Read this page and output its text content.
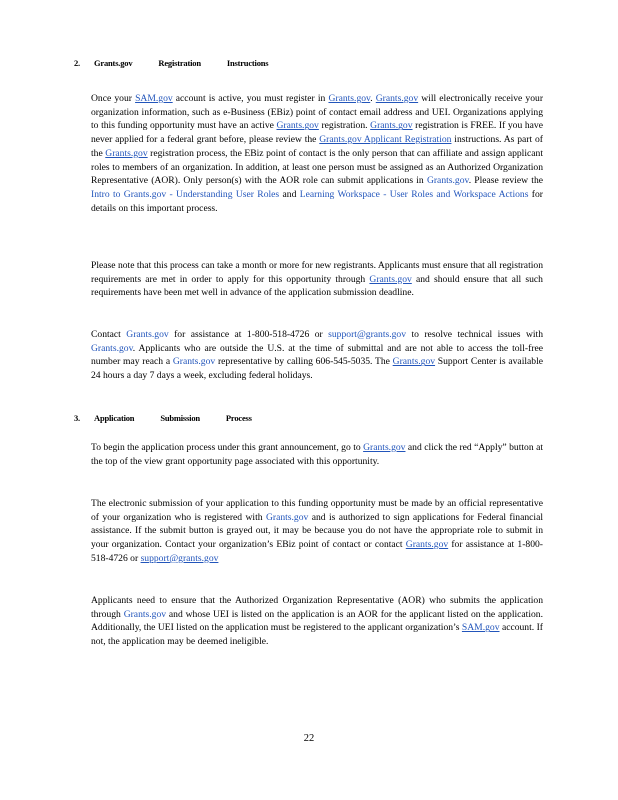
2. Grants.gov	Registration	Instructions

Once your SAM.gov account is active, you must register in Grants.gov. Grants.gov will electronically receive your organization information, such as e-Business (EBiz) point of contact email address and UEI. Organizations applying to this funding opportunity must have an active Grants.gov registration. Grants.gov registration is FREE. If you have never applied for a federal grant before, please review the Grants.gov Applicant Registration instructions. As part of the Grants.gov registration process, the EBiz point of contact is the only person that can affiliate and assign applicant roles to members of an organization. In addition, at least one person must be assigned as an Authorized Organization Representative (AOR). Only person(s) with the AOR role can submit applications in Grants.gov. Please review the Intro to Grants.gov - Understanding User Roles and Learning Workspace - User Roles and Workspace Actions for details on this important process.

Please note that this process can take a month or more for new registrants. Applicants must ensure that all registration requirements are met in order to apply for this opportunity through Grants.gov and should ensure that all such requirements have been met well in advance of the application submission deadline.

Contact Grants.gov for assistance at 1-800-518-4726 or support@grants.gov to resolve technical issues with Grants.gov. Applicants who are outside the U.S. at the time of submittal and are not able to access the toll-free number may reach a Grants.gov representative by calling 606-545-5035. The Grants.gov Support Center is available 24 hours a day 7 days a week, excluding federal holidays.

3. Application	Submission	Process

To begin the application process under this grant announcement, go to Grants.gov and click the red “Apply” button at the top of the view grant opportunity page associated with this opportunity.

The electronic submission of your application to this funding opportunity must be made by an official representative of your organization who is registered with Grants.gov and is authorized to sign applications for Federal financial assistance. If the submit button is grayed out, it may be because you do not have the appropriate role to submit in your organization. Contact your organization’s EBiz point of contact or contact Grants.gov for assistance at 1-800-518-4726 or support@grants.gov

Applicants need to ensure that the Authorized Organization Representative (AOR) who submits the application through Grants.gov and whose UEI is listed on the application is an AOR for the applicant listed on the application. Additionally, the UEI listed on the application must be registered to the applicant organization’s SAM.gov account. If not, the application may be deemed ineligible.

22
